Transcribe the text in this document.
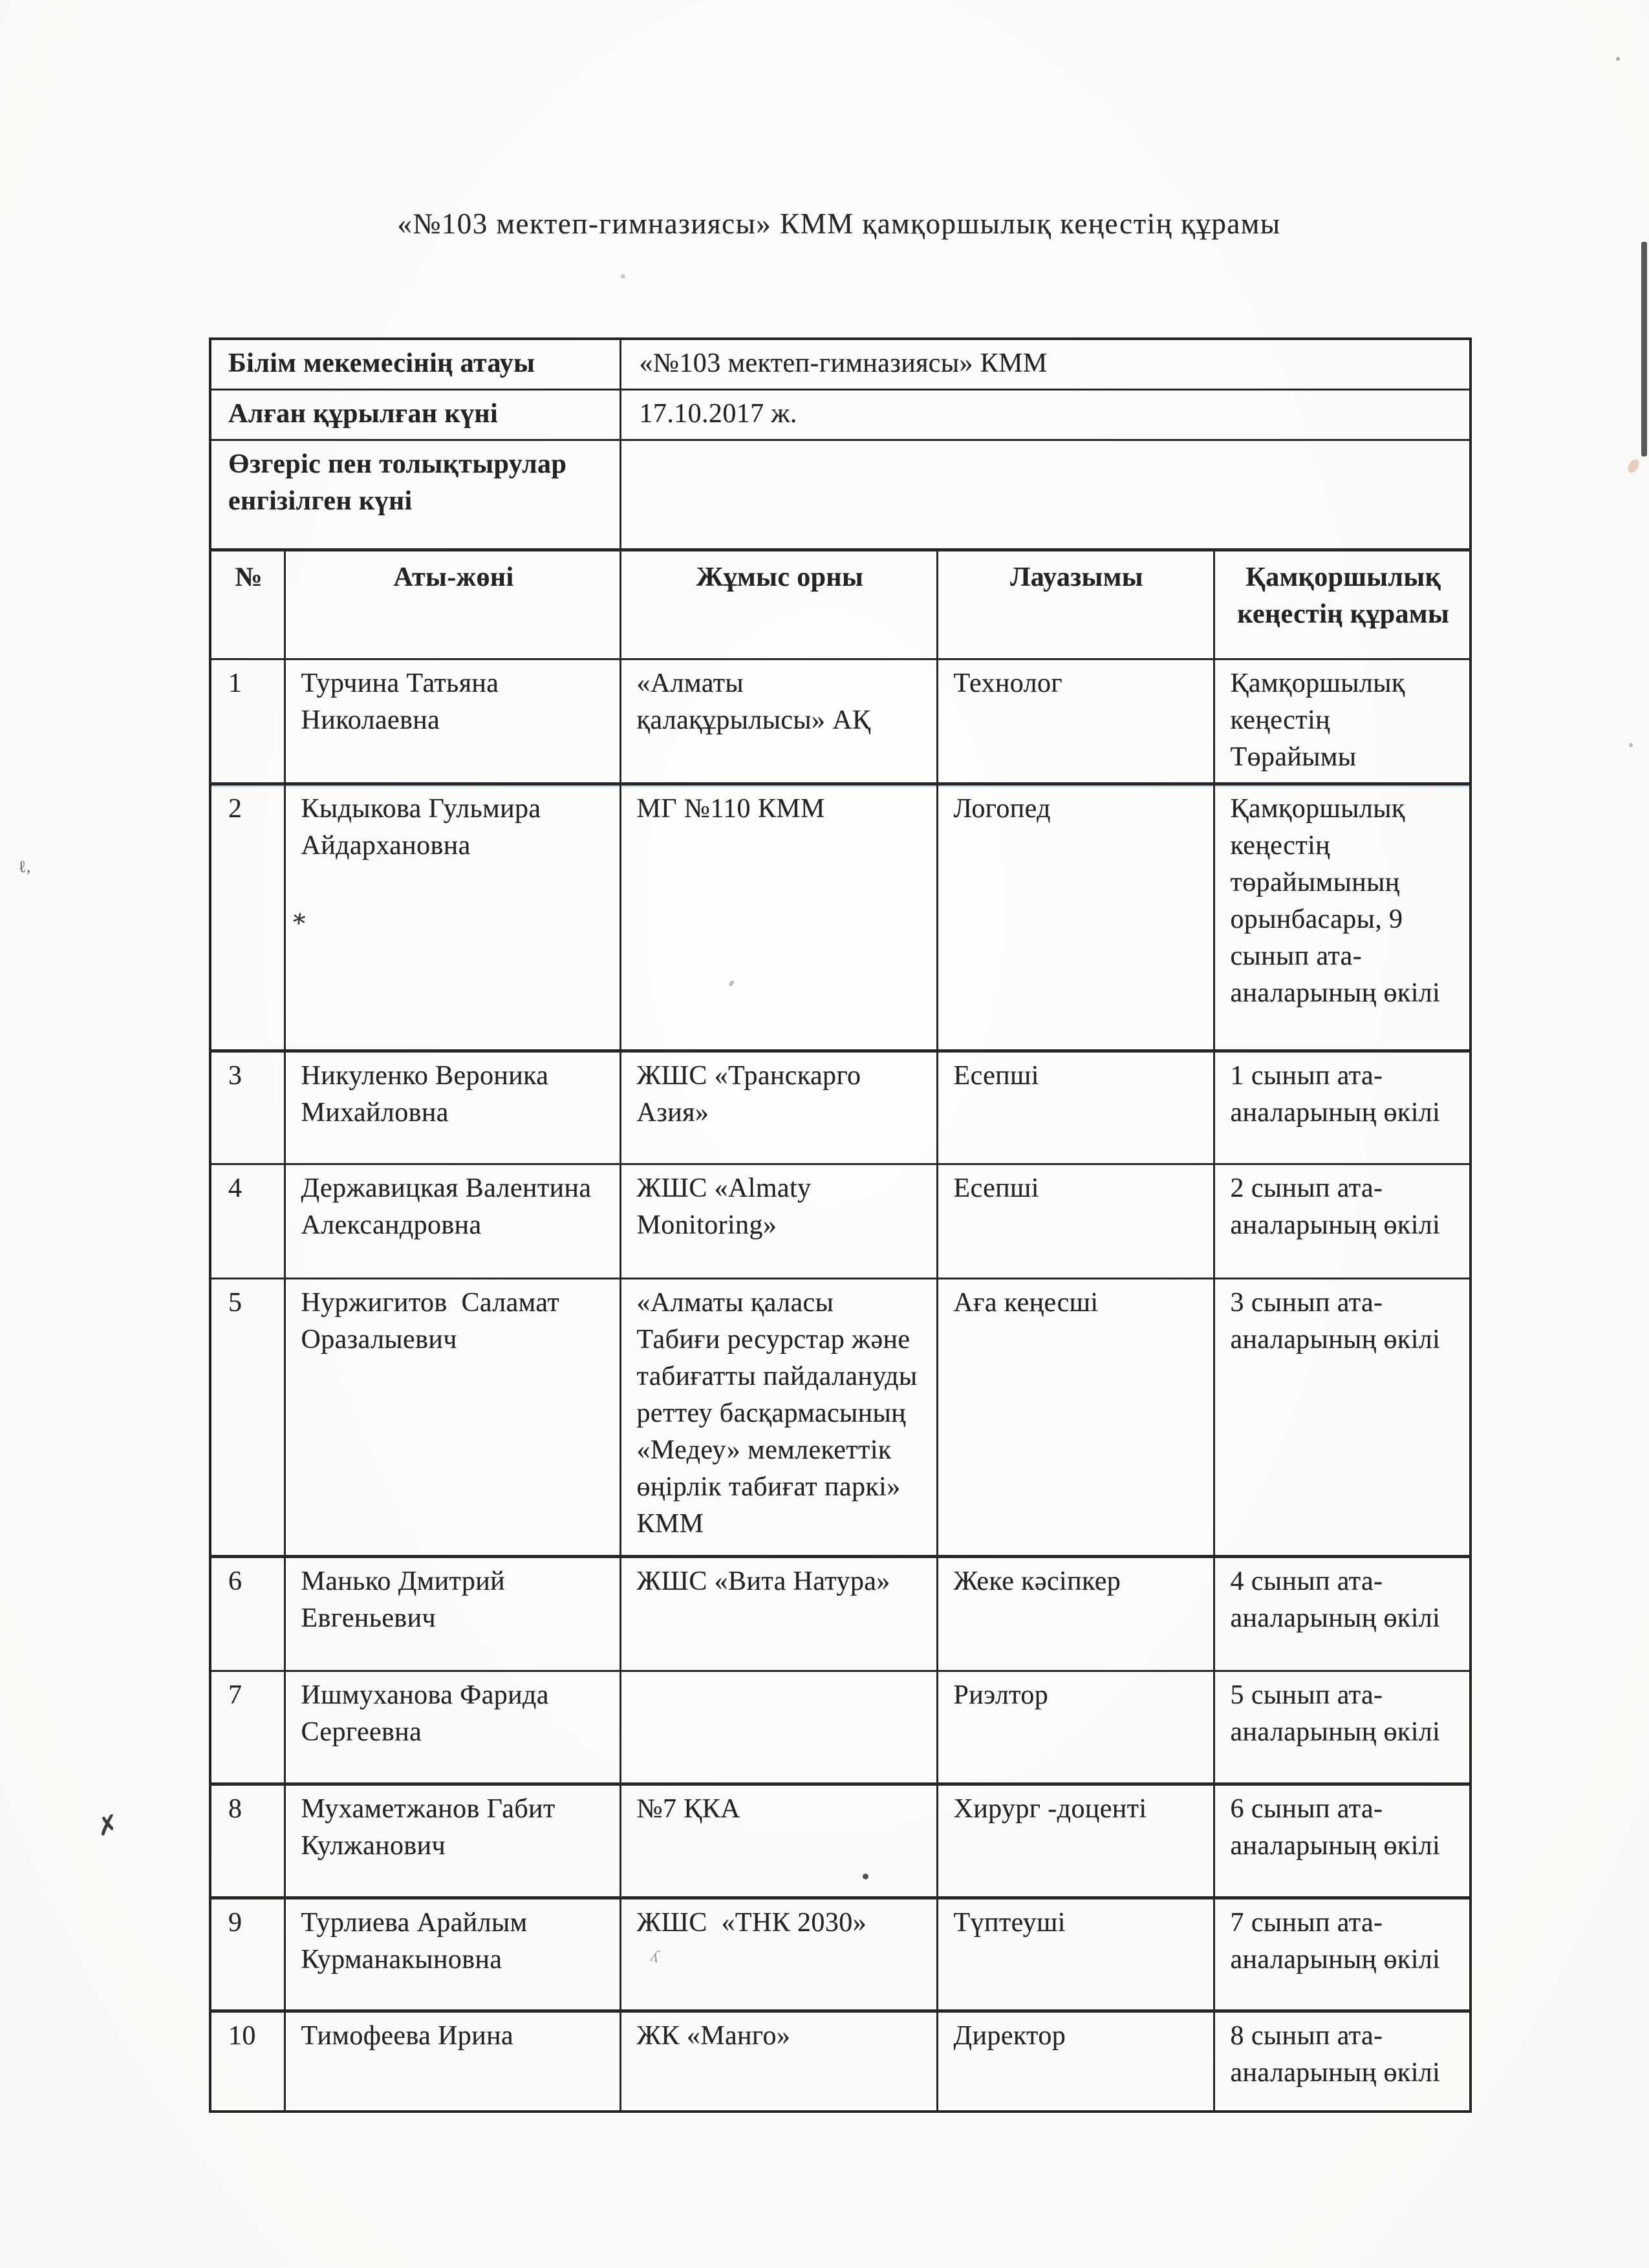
«№103 мектеп-гимназиясы» КММ қамқоршылық кеңестің құрамы
Білім мекемесінің атауы		«№103 мектеп-гимназиясы» КММ		
Алған құрылған күні		17.10.2017 ж.		
Өзгеріс пен толықтырулар енгізілген күні				
№	Аты-жөні	Жұмыс орны	Лауазымы	Қамқоршылық кеңестің құрамы
1	Турчина Татьяна Николаевна	«Алматы қалақұрылысы» АҚ	Технолог	Қамқоршылық кеңестің Төрайымы
2	Кыдыкова Гульмира Айдархановна	МГ №110 КММ	Логопед	Қамқоршылық кеңестің төрайымының орынбасары, 9 сынып ата-аналарының өкілі
3	Никуленко Вероника Михайловна	ЖШС «Транскарго Азия»	Есепші	1 сынып ата-аналарының өкілі
4	Державицкая Валентина Александровна	ЖШС «Almaty Monitoring»	Есепші	2 сынып ата-аналарының өкілі
5	Нуржигитов  Саламат Оразалыевич	«Алматы қаласы Табиғи ресурстар және табиғатты пайдалануды реттеу басқармасының «Медеу» мемлекеттік өңірлік табиғат паркі» КММ	Аға кеңесші	3 сынып ата-аналарының өкілі
6	Манько Дмитрий Евгеньевич	ЖШС «Вита Натура»	Жеке кәсіпкер	4 сынып ата-аналарының өкілі
7	Ишмуханова Фарида Сергеевна		Риэлтор	5 сынып ата-аналарының өкілі
8	Мухаметжанов Габит Кулжанович	№7 ҚКА	Хирург -доценті	6 сынып ата-аналарының өкілі
9	Турлиева Арайлым Курманакыновна	ЖШС  «ТНК 2030»	Түптеуші	7 сынып ата-аналарының өкілі
10	Тимофеева Ирина	ЖК «Манго»	Директор	8 сынып ата-аналарының өкілі
∗
ℓ,
✗
ʎ
